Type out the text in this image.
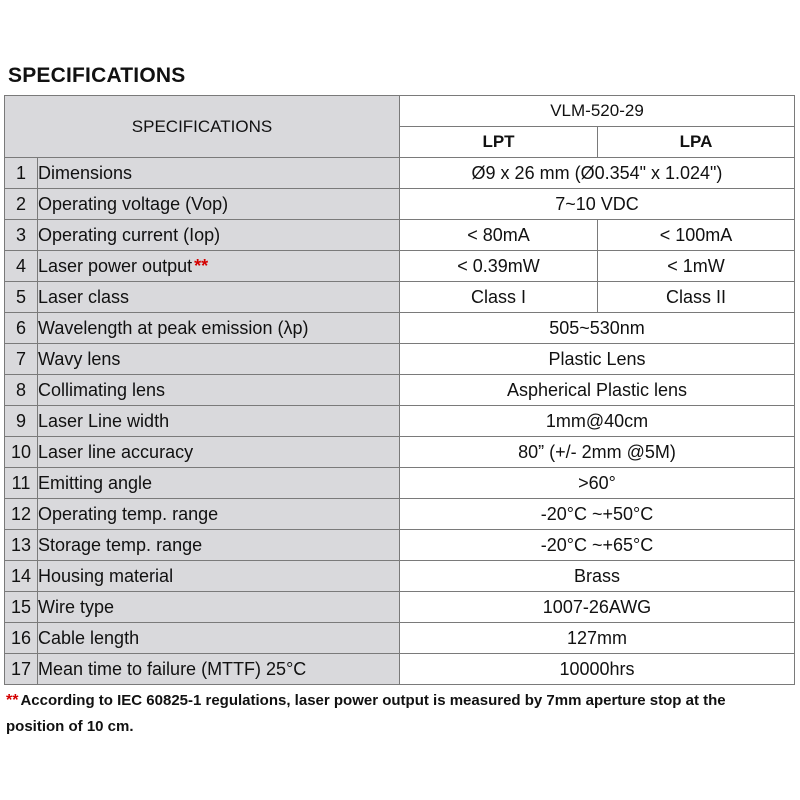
SPECIFICATIONS
SPECIFICATIONS		VLM-520-29	
		LPT	LPA
1	Dimensions	Ø9 x 26 mm (Ø0.354" x 1.024")	
2	Operating voltage (Vop)	7~10 VDC	
3	Operating current (Iop)	< 80mA	< 100mA
4	Laser power output **	< 0.39mW	< 1mW
5	Laser class	Class I	Class II
6	Wavelength at peak emission (λp)	505~530nm	
7	Wavy lens	Plastic Lens	
8	Collimating lens	Aspherical Plastic lens	
9	Laser Line width	1mm@40cm	
10	Laser line accuracy	80” (+/- 2mm @5M)	
11	Emitting angle	>60°	
12	Operating temp. range	-20°C ~+50°C	
13	Storage temp. range	-20°C ~+65°C	
14	Housing material	Brass	
15	Wire type	1007-26AWG	
16	Cable length	127mm	
17	Mean time to failure (MTTF) 25°C	10000hrs	
** According to IEC 60825-1 regulations, laser power output is measured by 7mm aperture stop at the position of 10 cm.
